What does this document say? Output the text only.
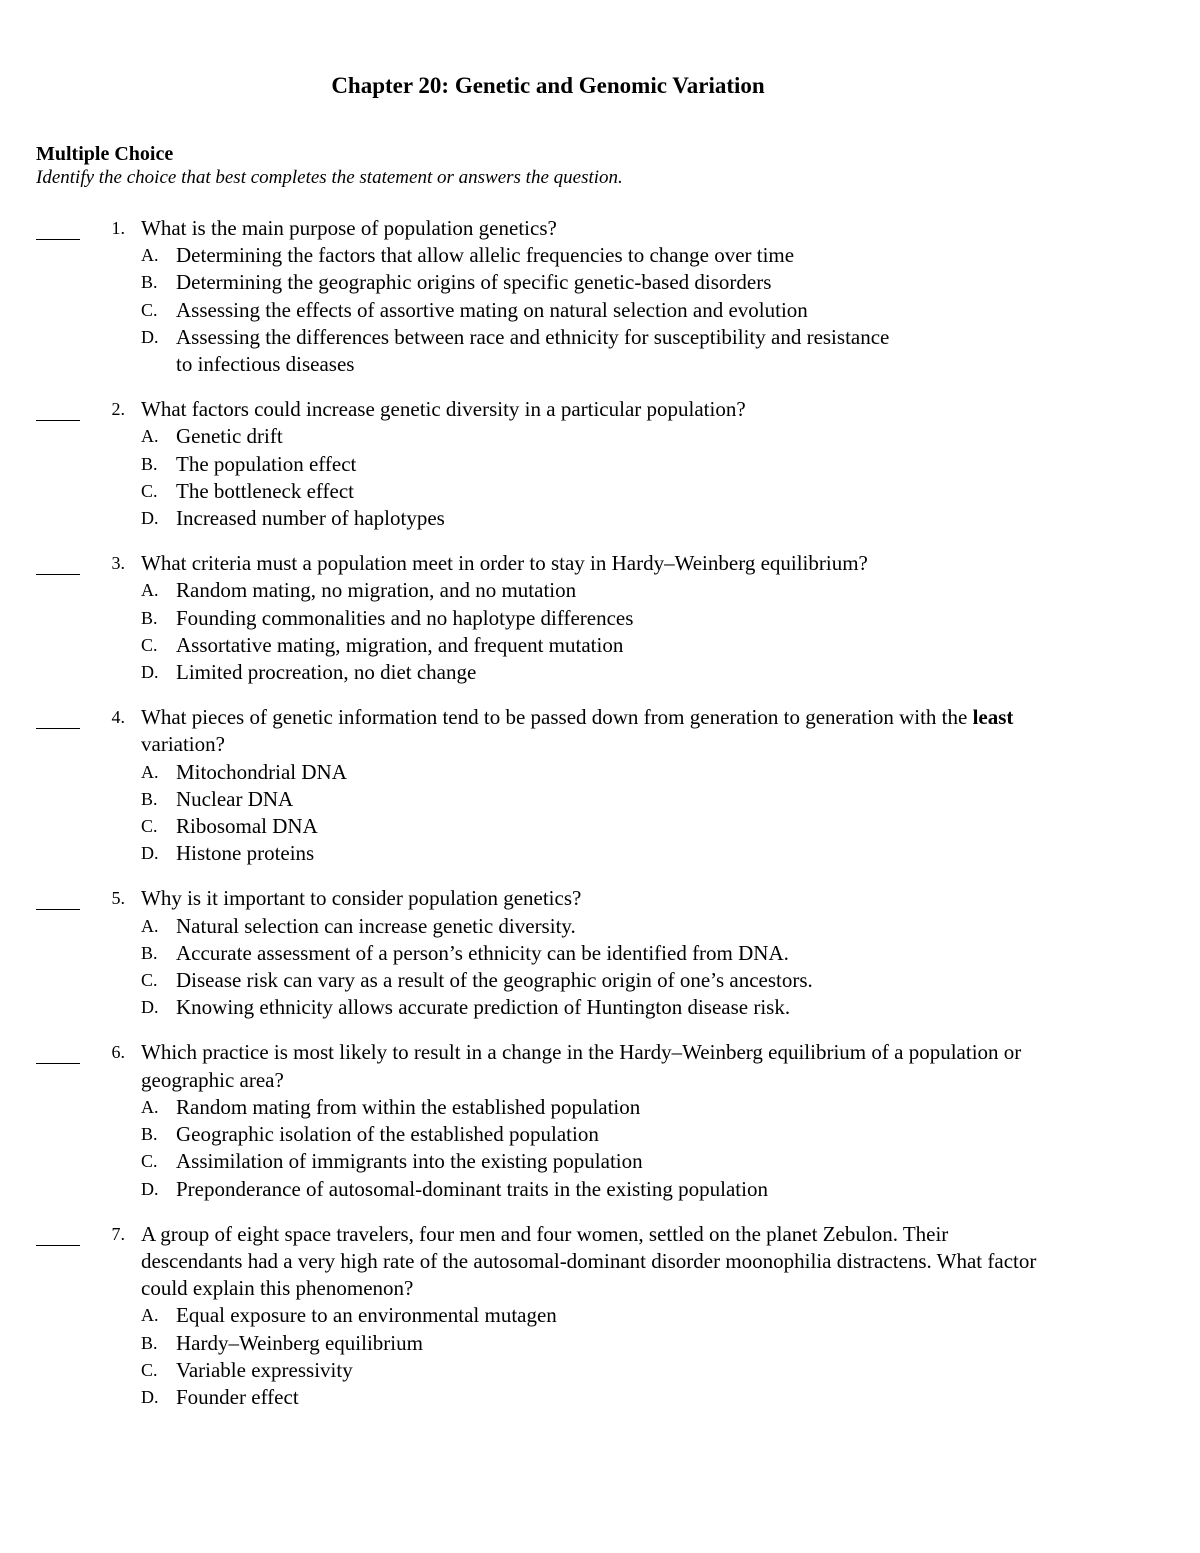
Chapter 20: Genetic and Genomic Variation
Multiple Choice
Identify the choice that best completes the statement or answers the question.
1. What is the main purpose of population genetics?
A. Determining the factors that allow allelic frequencies to change over time
B. Determining the geographic origins of specific genetic-based disorders
C. Assessing the effects of assortive mating on natural selection and evolution
D. Assessing the differences between race and ethnicity for susceptibility and resistance to infectious diseases
2. What factors could increase genetic diversity in a particular population?
A. Genetic drift
B. The population effect
C. The bottleneck effect
D. Increased number of haplotypes
3. What criteria must a population meet in order to stay in Hardy–Weinberg equilibrium?
A. Random mating, no migration, and no mutation
B. Founding commonalities and no haplotype differences
C. Assortative mating, migration, and frequent mutation
D. Limited procreation, no diet change
4. What pieces of genetic information tend to be passed down from generation to generation with the least variation?
A. Mitochondrial DNA
B. Nuclear DNA
C. Ribosomal DNA
D. Histone proteins
5. Why is it important to consider population genetics?
A. Natural selection can increase genetic diversity.
B. Accurate assessment of a person’s ethnicity can be identified from DNA.
C. Disease risk can vary as a result of the geographic origin of one’s ancestors.
D. Knowing ethnicity allows accurate prediction of Huntington disease risk.
6. Which practice is most likely to result in a change in the Hardy–Weinberg equilibrium of a population or geographic area?
A. Random mating from within the established population
B. Geographic isolation of the established population
C. Assimilation of immigrants into the existing population
D. Preponderance of autosomal-dominant traits in the existing population
7. A group of eight space travelers, four men and four women, settled on the planet Zebulon. Their descendants had a very high rate of the autosomal-dominant disorder moonophilia distractens. What factor could explain this phenomenon?
A. Equal exposure to an environmental mutagen
B. Hardy–Weinberg equilibrium
C. Variable expressivity
D. Founder effect
